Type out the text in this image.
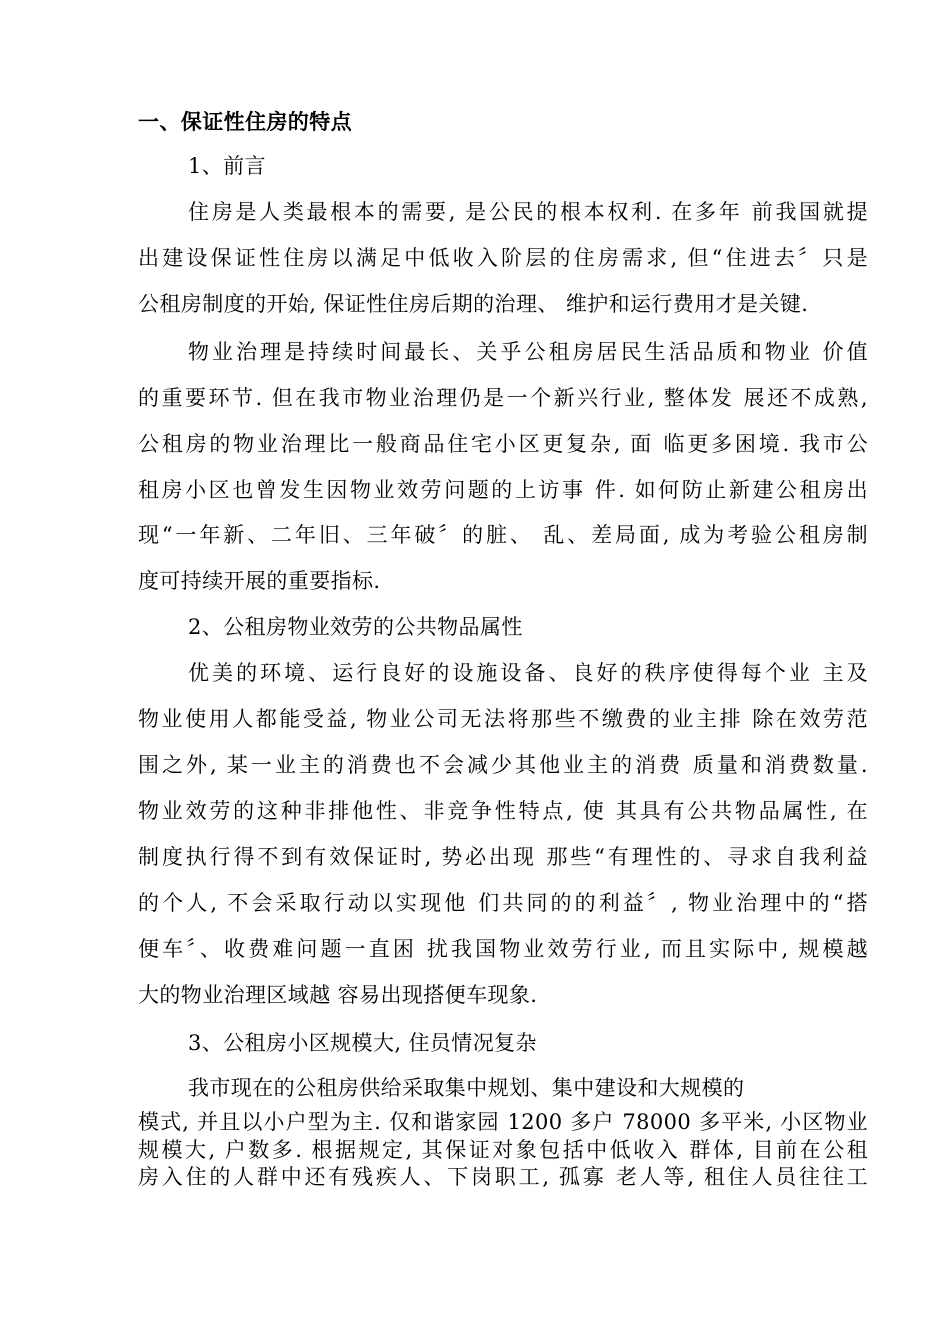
一、保证性住房的特点
1、前言
住房是人类最根本的需要, 是公民的根本权利. 在多年 前我国就提
出建设保证性住房以满足中低收入阶层的住房需求, 但“住进去〞只是
公租房制度的开始, 保证性住房后期的治理、 维护和运行费用才是关键.
物业治理是持续时间最长、关乎公租房居民生活品质和物业 价值
的重要环节. 但在我市物业治理仍是一个新兴行业, 整体发 展还不成熟,
公租房的物业治理比一般商品住宅小区更复杂, 面 临更多困境. 我市公
租房小区也曾发生因物业效劳问题的上访事 件. 如何防止新建公租房出
现“一年新、二年旧、三年破〞的脏、 乱、差局面, 成为考验公租房制
度可持续开展的重要指标.
2、公租房物业效劳的公共物品属性
优美的环境、运行良好的设施设备、良好的秩序使得每个业 主及
物业使用人都能受益, 物业公司无法将那些不缴费的业主排 除在效劳范
围之外, 某一业主的消费也不会减少其他业主的消费 质量和消费数量.
物业效劳的这种非排他性、非竞争性特点, 使 其具有公共物品属性, 在
制度执行得不到有效保证时, 势必出现 那些“有理性的、寻求自我利益
的个人, 不会采取行动以实现他 们共同的的利益〞, 物业治理中的“搭
便车〞、收费难问题一直困 扰我国物业效劳行业, 而且实际中, 规模越
大的物业治理区域越 容易出现搭便车现象.
3、公租房小区规模大, 住员情况复杂
我市现在的公租房供给采取集中规划、集中建设和大规模的
模式, 并且以小户型为主. 仅和谐家园 1200 多户 78000 多平米, 小区物业
规模大, 户数多. 根据规定, 其保证对象包括中低收入 群体, 目前在公租
房入住的人群中还有残疾人、下岗职工, 孤寡 老人等, 租住人员往往工
